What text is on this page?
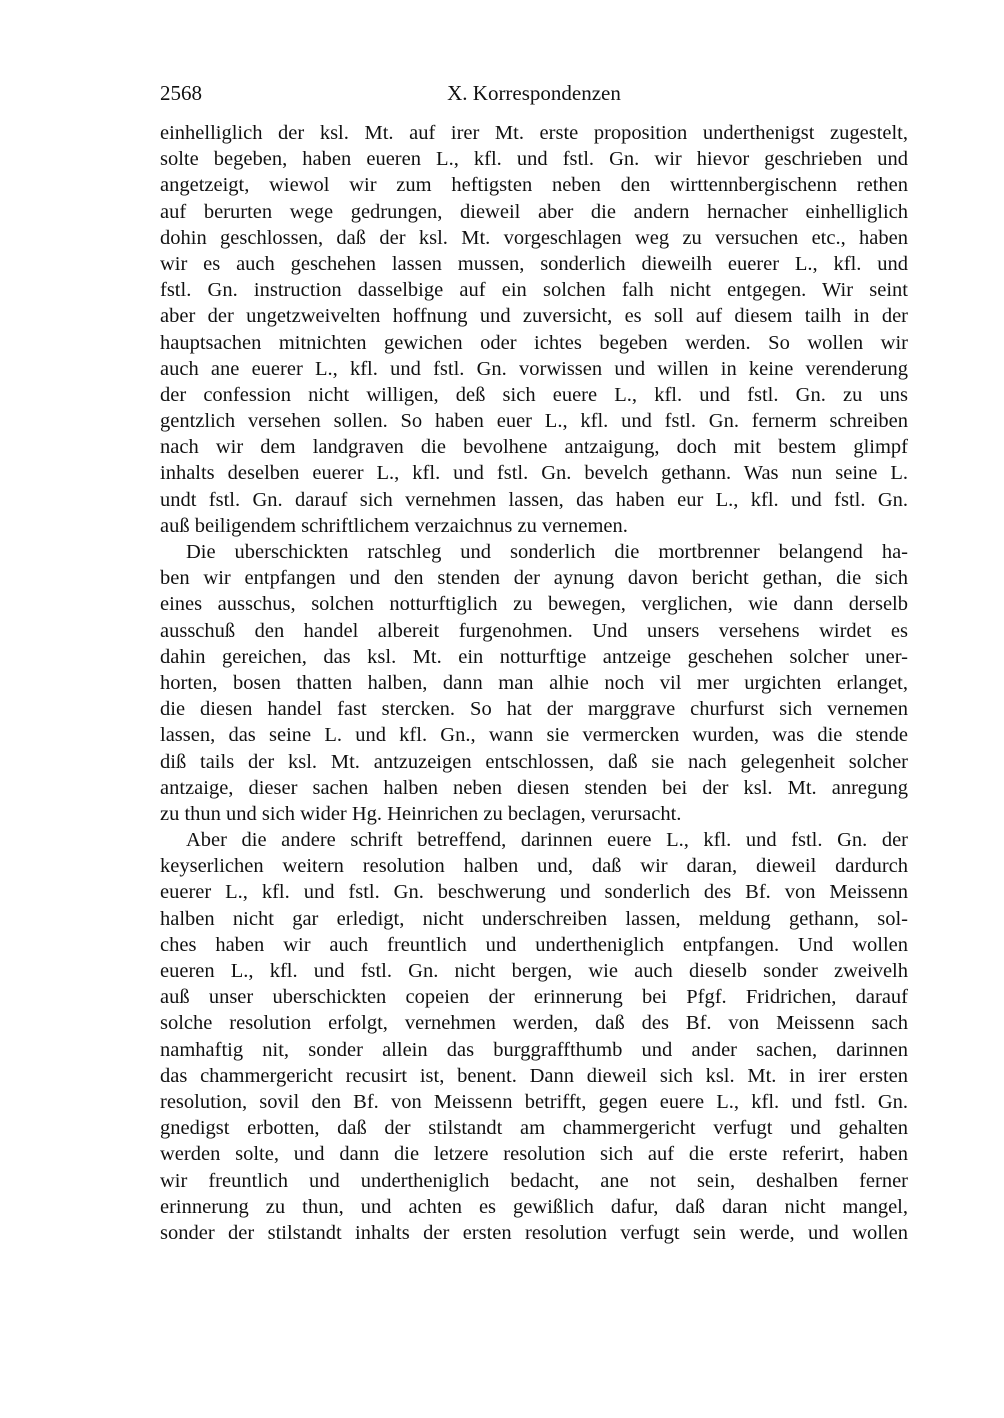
2568	X. Korrespondenzen
einhelliglich der ksl. Mt. auf irer Mt. erste proposition underthenigst zugestelt,
solte begeben, haben eueren L., kfl. und fstl. Gn. wir hievor geschrieben und
angetzeigt, wiewol wir zum heftigsten neben den wirttennbergischenn rethen
auf berurten wege gedrungen, dieweil aber die andern hernacher einhelliglich
dohin geschlossen, daß der ksl. Mt. vorgeschlagen weg zu versuchen etc., haben
wir es auch geschehen lassen mussen, sonderlich dieweilh euerer L., kfl. und
fstl. Gn. instruction dasselbige auf ein solchen falh nicht entgegen. Wir seint
aber der ungetzweivelten hoffnung und zuversicht, es soll auf diesem tailh in der
hauptsachen mitnichten gewichen oder ichtes begeben werden. So wollen wir
auch ane euerer L., kfl. und fstl. Gn. vorwissen und willen in keine verenderung
der confession nicht willigen, deß sich euere L., kfl. und fstl. Gn. zu uns
gentzlich versehen sollen. So haben euer L., kfl. und fstl. Gn. fernerm schreiben
nach wir dem landgraven die bevolhene antzaigung, doch mit bestem glimpf
inhalts deselben euerer L., kfl. und fstl. Gn. bevelch gethann. Was nun seine L.
undt fstl. Gn. darauf sich vernehmen lassen, das haben eur L., kfl. und fstl. Gn.
auß beiligendem schriftlichem verzaichnus zu vernemen.
Die uberschickten ratschleg und sonderlich die mortbrenner belangend ha-
ben wir entpfangen und den stenden der aynung davon bericht gethan, die sich
eines ausschus, solchen notturftiglich zu bewegen, verglichen, wie dann derselb
ausschuß den handel albereit furgenohmen. Und unsers versehens wirdet es
dahin gereichen, das ksl. Mt. ein notturftige antzeige geschehen solcher uner-
horten, bosen thatten halben, dann man alhie noch vil mer urgichten erlanget,
die diesen handel fast stercken. So hat der marggrave churfurst sich vernemen
lassen, das seine L. und kfl. Gn., wann sie vermercken wurden, was die stende
diß tails der ksl. Mt. antzuzeigen entschlossen, daß sie nach gelegenheit solcher
antzaige, dieser sachen halben neben diesen stenden bei der ksl. Mt. anregung
zu thun und sich wider Hg. Heinrichen zu beclagen, verursacht.
Aber die andere schrift betreffend, darinnen euere L., kfl. und fstl. Gn. der
keyserlichen weitern resolution halben und, daß wir daran, dieweil dardurch
euerer L., kfl. und fstl. Gn. beschwerung und sonderlich des Bf. von Meissenn
halben nicht gar erledigt, nicht underschreiben lassen, meldung gethann, sol-
ches haben wir auch freuntlich und undertheniglich entpfangen. Und wollen
eueren L., kfl. und fstl. Gn. nicht bergen, wie auch dieselb sonder zweivelh
auß unser uberschickten copeien der erinnerung bei Pfgf. Fridrichen, darauf
solche resolution erfolgt, vernehmen werden, daß des Bf. von Meissenn sach
namhaftig nit, sonder allein das burggraffthumb und ander sachen, darinnen
das chammergericht recusirt ist, benent. Dann dieweil sich ksl. Mt. in irer ersten
resolution, sovil den Bf. von Meissenn betrifft, gegen euere L., kfl. und fstl. Gn.
gnedigst erbotten, daß der stilstandt am chammergericht verfugt und gehalten
werden solte, und dann die letzere resolution sich auf die erste referirt, haben
wir freuntlich und undertheniglich bedacht, ane not sein, deshalben ferner
erinnerung zu thun, und achten es gewißlich dafur, daß daran nicht mangel,
sonder der stilstandt inhalts der ersten resolution verfugt sein werde, und wollen
